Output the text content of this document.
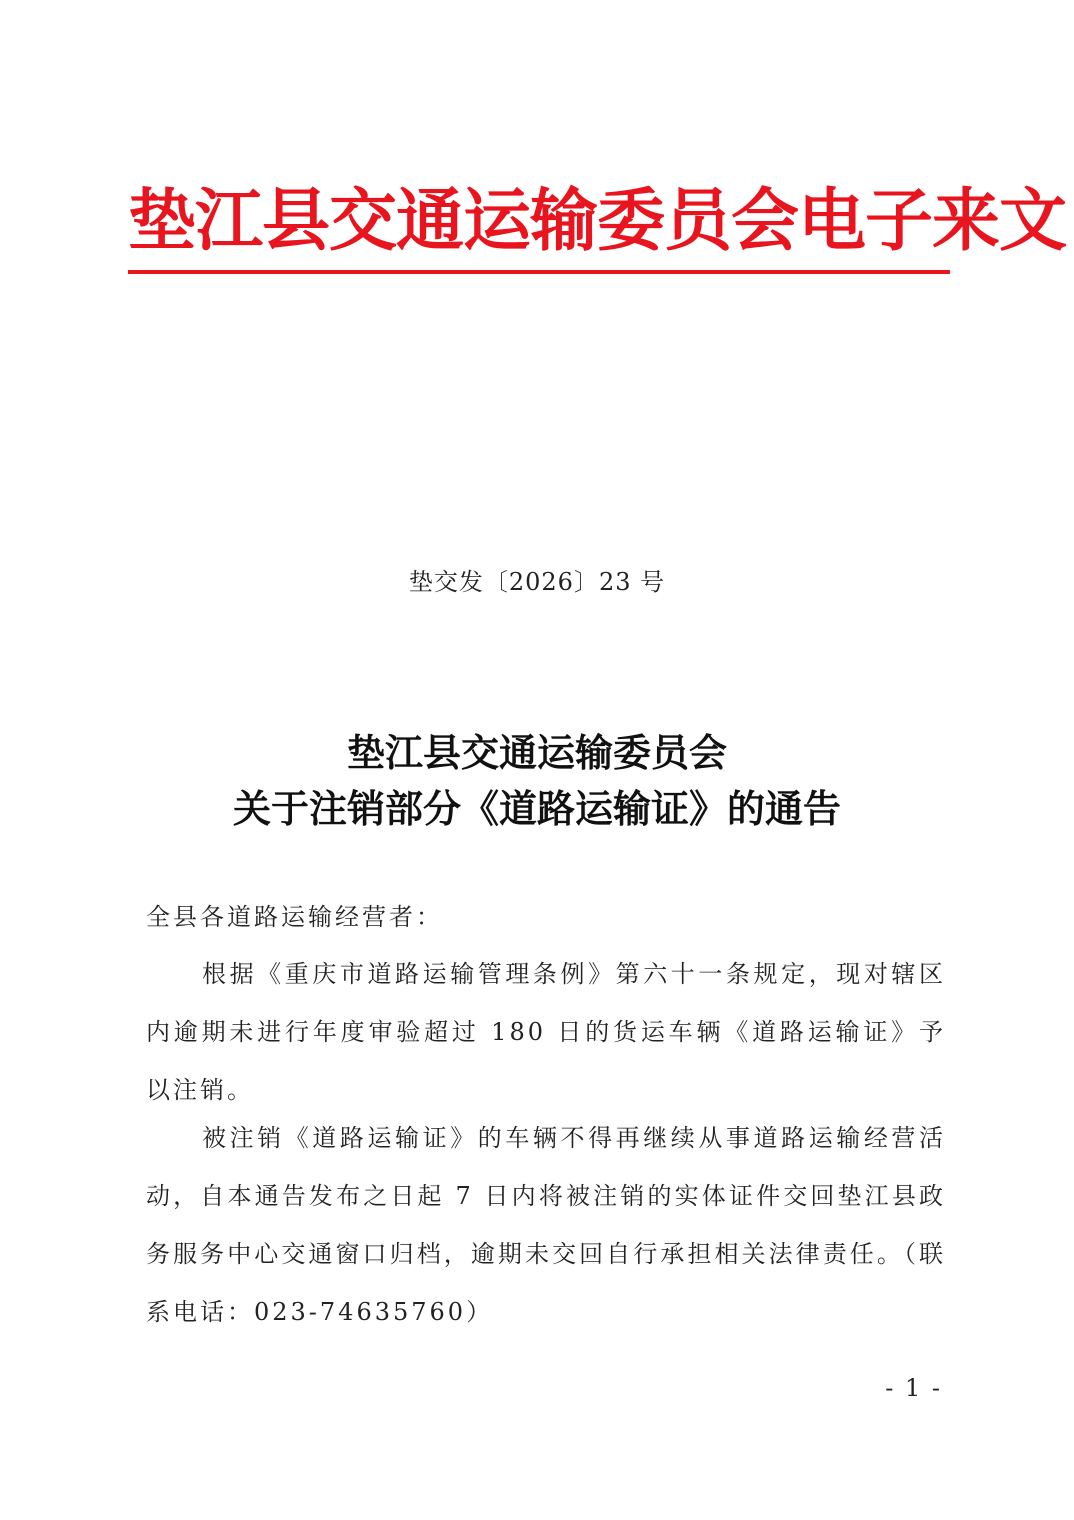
垫江县交通运输委员会电子来文
垫交发〔2026〕23 号
垫江县交通运输委员会
关于注销部分《道路运输证》的通告
全县各道路运输经营者：
根据《重庆市道路运输管理条例》第六十一条规定，现对辖区内逾期未进行年度审验超过 180 日的货运车辆《道路运输证》予以注销。
被注销《道路运输证》的车辆不得再继续从事道路运输经营活动，自本通告发布之日起 7 日内将被注销的实体证件交回垫江县政务服务中心交通窗口归档，逾期未交回自行承担相关法律责任。（联系电话：023-74635760）
- 1 -
